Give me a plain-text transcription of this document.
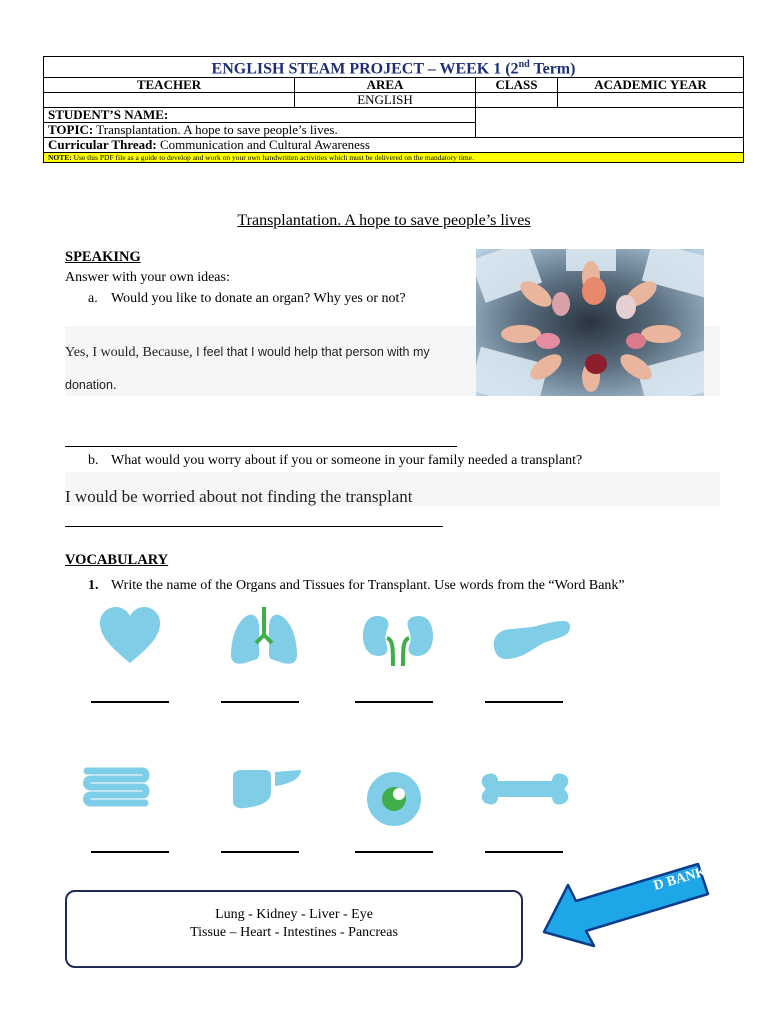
ENGLISH STEAM PROJECT – WEEK 1 (2nd Term)			
TEACHER	AREA	CLASS	ACADEMIC YEAR
	ENGLISH		
STUDENT’S NAME:			
TOPIC: Transplantation. A hope to save people’s lives.			
Curricular Thread: Communication and Cultural Awareness			
NOTE: Use this PDF file as a guide to develop and work on your own handwritten activities which must be delivered on the mandatory time.			
Transplantation. A hope to save people’s lives
SPEAKING
Answer with your own ideas:
a. Would you like to donate an organ? Why yes or not?
Yes, I would, Because, I feel that I would help that person with my
donation.
b. What would you worry about if you or someone in your family needed a transplant?
I would be worried about not finding the transplant
VOCABULARY
1. Write the name of the Organs and Tissues for Transplant. Use words from the “Word Bank”
D BANK
Lung - Kidney - Liver - Eye
Tissue – Heart - Intestines - Pancreas
